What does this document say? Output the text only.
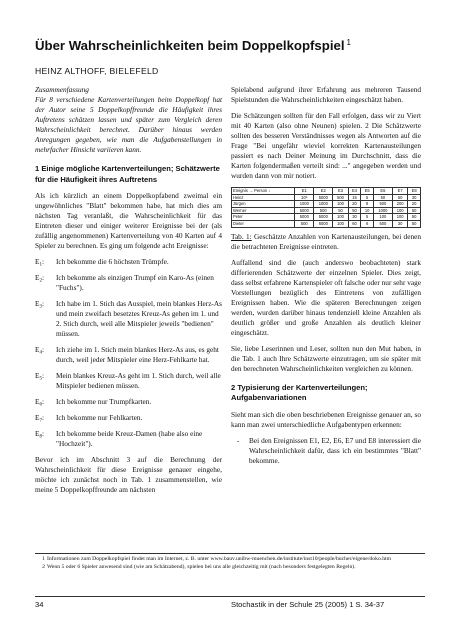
Über Wahrscheinlichkeiten beim Doppelkopfspiel $^1$
HEINZ ALTHOFF, BIELEFELD

Zusammenfassung

Für 8 verschiedene Kartenverteilungen beim Doppelkopf hat der Autor seine 5 Doppelkopffreunde die Häufigkeit ihres Auftretens schätzen lassen und später zum Vergleich deren Wahrscheinlichkeit berechnet. Darüber hinaus werden Anregungen gegeben, wie man die Aufgabenstellungen in mehrfacher Hinsicht variieren kann.

1 Einige mögliche Kartenverteilungen; Schätzwerte für die Häufigkeit ihres Auftretens

Als ich kürzlich an einem Doppelkopfabend zweimal ein ungewöhnliches "Blatt" bekommen habe, hat mich dies am nächsten Tag veranlaßt, die Wahrscheinlichkeit für das Eintreten dieser und einiger weiterer Ereignisse bei der (als zufällig angenommenen) Kartenverteilung von 40 Karten auf 4 Spieler zu berechnen. Es ging um folgende acht Ereignisse:

$E_1$:	Ich bekomme die 6 höchsten Trümpfe.
$E_2$:	Ich bekomme als einzigen Trumpf ein Karo-As (einen "Fuchs").
$E_3$:	Ich habe im 1. Stich das Ausspiel, mein blankes Herz-As und mein zweifach besetztes Kreuz-As gehen im 1. und 2. Stich durch, weil alle Mitspieler jeweils "bedienen" müssen.
$E_4$:	Ich ziehe im 1. Stich mein blankes Herz-As aus, es geht durch, weil jeder Mitspieler eine Herz-Fehlkarte hat.
$E_5$:	Mein blankes Kreuz-As geht im 1. Stich durch, weil alle Mitspieler bedienen müssen.
$E_6$:	Ich bekomme nur Trumpfkarten.
$E_7$:	Ich bekomme nur Fehlkarten.
$E_8$:	Ich bekomme beide Kreuz-Damen (habe also eine "Hochzeit").

Bevor ich im Abschnitt 3 auf die Berechnung der Wahrscheinlichkeit für diese Ereignisse genauer eingehe, möchte ich zunächst noch in Tab. 1 zusammenstellen, wie meine 5 Doppelkopffreunde am nächsten

Spielabend aufgrund ihrer Erfahrung aus mehreren Tausend Spielstunden die Wahrscheinlichkeiten eingeschätzt haben.

Die Schätzungen sollten für den Fall erfolgen, dass wir zu Viert mit 40 Karten (also ohne Neunen) spielen. 2 Die Schätzwerte sollten des besseren Verständnisses wegen als Antworten auf die Frage "Bei ungefähr wieviel korrekten Kartenausteilungen passiert es nach Deiner Meinung im Durchschnitt, dass die Karten folgendermaßen verteilt sind: ..." angegeben werden und wurden dann von mir notiert.

Ereignis → Person ↓	E1	E2	E3	E4	E5	E6	E7	E8
Heinz	10⁶	5000	500	15	5	50	50	30
Jürgen	1000	1000	100	20	8	500	200	20
Werner	5000	500	50	50	10	1000	100	50
Peter	5000	5000	100	30	5	100	100	50
Dieter	500	6000	100	60	6	500	30	50

Tab. 1: Geschätzte Anzahlen von Kartenausteilungen, bei denen die betrachteten Ereignisse eintreten.

Auffallend sind die (auch anderswo beobachteten) stark differierenden Schätzwerte der einzelnen Spieler. Dies zeigt, dass selbst erfahrene Kartenspieler oft falsche oder nur sehr vage Vorstellungen bezüglich des Eintretens von zufälligen Ereignissen haben. Wie die späteren Berechnungen zeigen werden, wurden darüber hinaus tendenziell kleine Anzahlen als deutlich größer und große Anzahlen als deutlich kleiner eingeschätzt.

Sie, liebe Leserinnen und Leser, sollten nun den Mut haben, in die Tab. 1 auch Ihre Schätzwerte einzutragen, um sie später mit den berechneten Wahrscheinlichkeiten vergleichen zu können.

2 Typisierung der Kartenverteilungen; Aufgabenvariationen

Sieht man sich die oben beschriebenen Ereignisse genauer an, so kann man zwei unterschiedliche Aufgabentypen erkennen:

-	Bei den Ereignissen E1, E2, E6, E7 und E8 interessiert die Wahrscheinlichkeit dafür, dass ich ein bestimmtes "Blatt" bekomme.
1 Informationen zum Doppelkopfspiel findet man im Internet, z. B. unter www.bauv.unibw-muenchen.de/institute/inst10/people/bucher/eigene/doko.htm
2 Wenn 5 oder 6 Spieler anwesend sind (wie am Schätzabend), spielen bei uns alle gleichzeitig mit (nach besonders festgelegten Regeln).
34	Stochastik in der Schule 25 (2005) 1 S. 34-37
